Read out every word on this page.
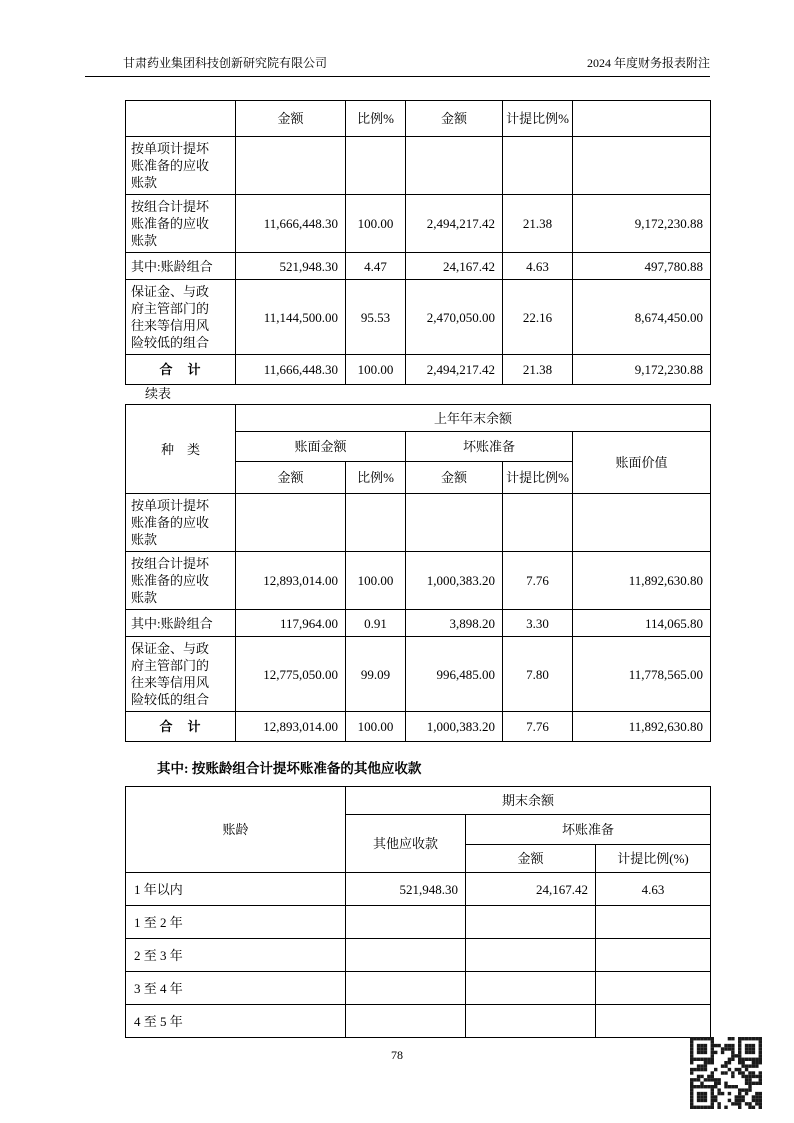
甘肃药业集团科技创新研究院有限公司	2024 年度财务报表附注
	金额	比例%	金额	计提比例%	
按单项计提坏账准备的应收账款					
按组合计提坏账准备的应收账款	11,666,448.30	100.00	2,494,217.42	21.38	9,172,230.88
其中:账龄组合	521,948.30	4.47	24,167.42	4.63	497,780.88
保证金、与政府主管部门的往来等信用风险较低的组合	11,144,500.00	95.53	2,470,050.00	22.16	8,674,450.00
合　计	11,666,448.30	100.00	2,494,217.42	21.38	9,172,230.88
续表
种　类	上年年末余额				
	账面金额		坏账准备		账面价值
	金额	比例%	金额	计提比例%	
按单项计提坏账准备的应收账款					
按组合计提坏账准备的应收账款	12,893,014.00	100.00	1,000,383.20	7.76	11,892,630.80
其中:账龄组合	117,964.00	0.91	3,898.20	3.30	114,065.80
保证金、与政府主管部门的往来等信用风险较低的组合	12,775,050.00	99.09	996,485.00	7.80	11,778,565.00
合　计	12,893,014.00	100.00	1,000,383.20	7.76	11,892,630.80

其中: 按账龄组合计提坏账准备的其他应收款

账龄	期末余额		
	其他应收款	坏账准备	
		金额	计提比例(%)
1 年以内	521,948.30	24,167.42	4.63
1 至 2 年			
2 至 3 年			
3 至 4 年			
4 至 5 年			
78
